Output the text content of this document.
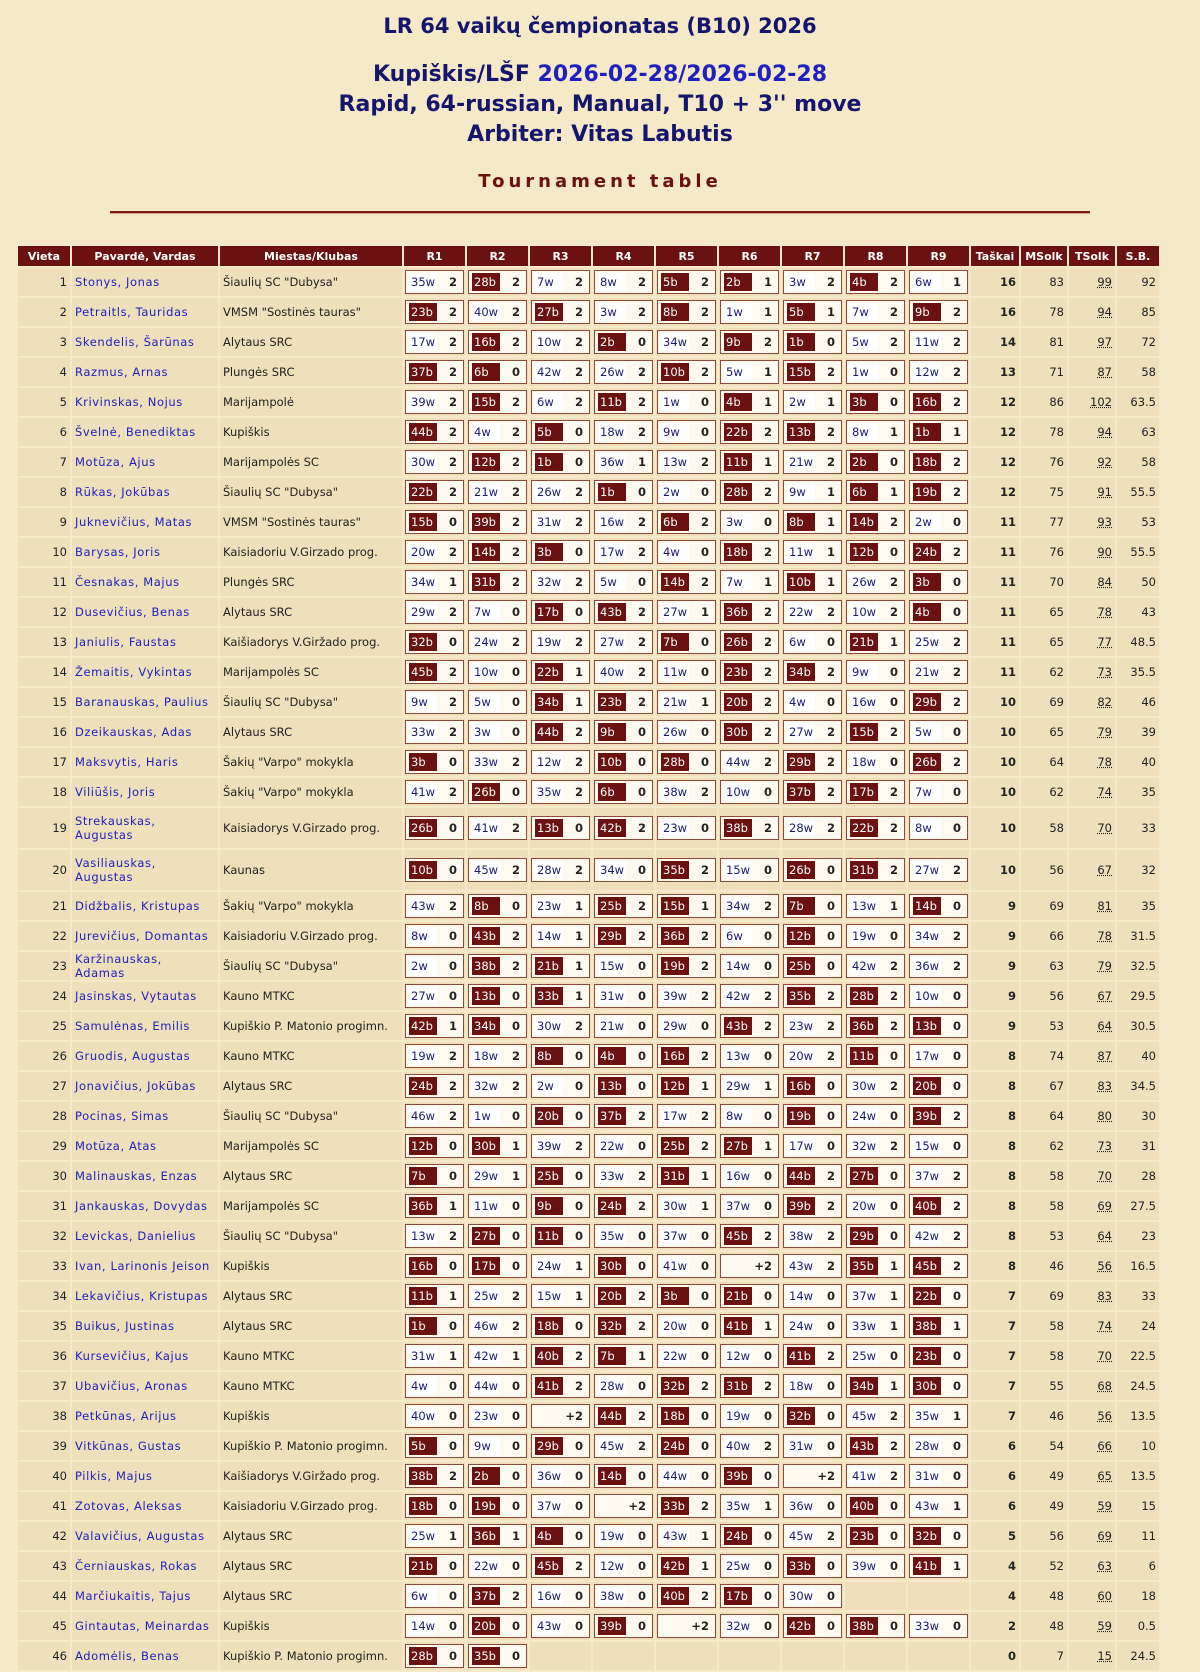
LR 64 vaikų čempionatas (B10) 2026
Kupiškis/LŠF 2026-02-28/2026-02-28
Rapid, 64-russian, Manual, T10 + 3'' move
Arbiter: Vitas Labutis
Tournament table
Vieta	Pavardė, Vardas	Miestas/Klubas	R1	R2	R3	R4	R5	R6	R7	R8	R9	Taškai	MSolk	TSolk	S.B.
1	Stonys, Jonas	Šiaulių SC "Dubysa"	35w 2	28b 2	7w 2	8w 2	5b 2	2b 1	3w 2	4b 2	6w 1	16	83	99	92
2	Petraitls, Tauridas	VMSM "Sostinės tauras"	23b 2	40w 2	27b 2	3w 2	8b 2	1w 1	5b 1	7w 2	9b 2	16	78	94	85
3	Skendelis, Šarūnas	Alytaus SRC	17w 2	16b 2	10w 2	2b 0	34w 2	9b 2	1b 0	5w 2	11w 2	14	81	97	72
4	Razmus, Arnas	Plungės SRC	37b 2	6b 0	42w 2	26w 2	10b 2	5w 1	15b 2	1w 0	12w 2	13	71	87	58
5	Krivinskas, Nojus	Marijampolė	39w 2	15b 2	6w 2	11b 2	1w 0	4b 1	2w 1	3b 0	16b 2	12	86	102	63.5
6	Švelnė, Benediktas	Kupiškis	44b 2	4w 2	5b 0	18w 2	9w 0	22b 2	13b 2	8w 1	1b 1	12	78	94	63
7	Motūza, Ajus	Marijampolės SC	30w 2	12b 2	1b 0	36w 1	13w 2	11b 1	21w 2	2b 0	18b 2	12	76	92	58
8	Rūkas, Jokūbas	Šiaulių SC "Dubysa"	22b 2	21w 2	26w 2	1b 0	2w 0	28b 2	9w 1	6b 1	19b 2	12	75	91	55.5
9	Juknevičius, Matas	VMSM "Sostinės tauras"	15b 0	39b 2	31w 2	16w 2	6b 2	3w 0	8b 1	14b 2	2w 0	11	77	93	53
10	Barysas, Joris	Kaisiadoriu V.Girzado prog.	20w 2	14b 2	3b 0	17w 2	4w 0	18b 2	11w 1	12b 0	24b 2	11	76	90	55.5
11	Česnakas, Majus	Plungės SRC	34w 1	31b 2	32w 2	5w 0	14b 2	7w 1	10b 1	26w 2	3b 0	11	70	84	50
12	Dusevičius, Benas	Alytaus SRC	29w 2	7w 0	17b 0	43b 2	27w 1	36b 2	22w 2	10w 2	4b 0	11	65	78	43
13	Janiulis, Faustas	Kaišiadorys V.Giržado prog.	32b 0	24w 2	19w 2	27w 2	7b 0	26b 2	6w 0	21b 1	25w 2	11	65	77	48.5
14	Žemaitis, Vykintas	Marijampolės SC	45b 2	10w 0	22b 1	40w 2	11w 0	23b 2	34b 2	9w 0	21w 2	11	62	73	35.5
15	Baranauskas, Paulius	Šiaulių SC "Dubysa"	9w 2	5w 0	34b 1	23b 2	21w 1	20b 2	4w 0	16w 0	29b 2	10	69	82	46
16	Dzeikauskas, Adas	Alytaus SRC	33w 2	3w 0	44b 2	9b 0	26w 0	30b 2	27w 2	15b 2	5w 0	10	65	79	39
17	Maksvytis, Haris	Šakių "Varpo" mokykla	3b 0	33w 2	12w 2	10b 0	28b 0	44w 2	29b 2	18w 0	26b 2	10	64	78	40
18	Viliūšis, Joris	Šakių "Varpo" mokykla	41w 2	26b 0	35w 2	6b 0	38w 2	10w 0	37b 2	17b 2	7w 0	10	62	74	35
19	Strekauskas, Augustas	Kaisiadorys V.Girzado prog.	26b 0	41w 2	13b 0	42b 2	23w 0	38b 2	28w 2	22b 2	8w 0	10	58	70	33
20	Vasiliauskas, Augustas	Kaunas	10b 0	45w 2	28w 2	34w 0	35b 2	15w 0	26b 0	31b 2	27w 2	10	56	67	32
21	Didžbalis, Kristupas	Šakių "Varpo" mokykla	43w 2	8b 0	23w 1	25b 2	15b 1	34w 2	7b 0	13w 1	14b 0	9	69	81	35
22	Jurevičius, Domantas	Kaisiadoriu V.Girzado prog.	8w 0	43b 2	14w 1	29b 2	36b 2	6w 0	12b 0	19w 0	34w 2	9	66	78	31.5
23	Karžinauskas, Adamas	Šiaulių SC "Dubysa"	2w 0	38b 2	21b 1	15w 0	19b 2	14w 0	25b 0	42w 2	36w 2	9	63	79	32.5
24	Jasinskas, Vytautas	Kauno MTKC	27w 0	13b 0	33b 1	31w 0	39w 2	42w 2	35b 2	28b 2	10w 0	9	56	67	29.5
25	Samulėnas, Emilis	Kupiškio P. Matonio progimn.	42b 1	34b 0	30w 2	21w 0	29w 0	43b 2	23w 2	36b 2	13b 0	9	53	64	30.5
26	Gruodis, Augustas	Kauno MTKC	19w 2	18w 2	8b 0	4b 0	16b 2	13w 0	20w 2	11b 0	17w 0	8	74	87	40
27	Jonavičius, Jokūbas	Alytaus SRC	24b 2	32w 2	2w 0	13b 0	12b 1	29w 1	16b 0	30w 2	20b 0	8	67	83	34.5
28	Pocinas, Simas	Šiaulių SC "Dubysa"	46w 2	1w 0	20b 0	37b 2	17w 2	8w 0	19b 0	24w 0	39b 2	8	64	80	30
29	Motūza, Atas	Marijampolės SC	12b 0	30b 1	39w 2	22w 0	25b 2	27b 1	17w 0	32w 2	15w 0	8	62	73	31
30	Malinauskas, Enzas	Alytaus SRC	7b 0	29w 1	25b 0	33w 2	31b 1	16w 0	44b 2	27b 0	37w 2	8	58	70	28
31	Jankauskas, Dovydas	Marijampolės SC	36b 1	11w 0	9b 0	24b 2	30w 1	37w 0	39b 2	20w 0	40b 2	8	58	69	27.5
32	Levickas, Danielius	Šiaulių SC "Dubysa"	13w 2	27b 0	11b 0	35w 0	37w 0	45b 2	38w 2	29b 0	42w 2	8	53	64	23
33	Ivan, Larinonis Jeison	Kupiškis	16b 0	17b 0	24w 1	30b 0	41w 0	+2	43w 2	35b 1	45b 2	8	46	56	16.5
34	Lekavičius, Kristupas	Alytaus SRC	11b 1	25w 2	15w 1	20b 2	3b 0	21b 0	14w 0	37w 1	22b 0	7	69	83	33
35	Buikus, Justinas	Alytaus SRC	1b 0	46w 2	18b 0	32b 2	20w 0	41b 1	24w 0	33w 1	38b 1	7	58	74	24
36	Kursevičius, Kajus	Kauno MTKC	31w 1	42w 1	40b 2	7b 1	22w 0	12w 0	41b 2	25w 0	23b 0	7	58	70	22.5
37	Ubavičius, Aronas	Kauno MTKC	4w 0	44w 0	41b 2	28w 0	32b 2	31b 2	18w 0	34b 1	30b 0	7	55	68	24.5
38	Petkūnas, Arijus	Kupiškis	40w 0	23w 0	+2	44b 2	18b 0	19w 0	32b 0	45w 2	35w 1	7	46	56	13.5
39	Vitkūnas, Gustas	Kupiškio P. Matonio progimn.	5b 0	9w 0	29b 0	45w 2	24b 0	40w 2	31w 0	43b 2	28w 0	6	54	66	10
40	Pilkis, Majus	Kaišiadorys V.Giržado prog.	38b 2	2b 0	36w 0	14b 0	44w 0	39b 0	+2	41w 2	31w 0	6	49	65	13.5
41	Zotovas, Aleksas	Kaisiadoriu V.Girzado prog.	18b 0	19b 0	37w 0	+2	33b 2	35w 1	36w 0	40b 0	43w 1	6	49	59	15
42	Valavičius, Augustas	Alytaus SRC	25w 1	36b 1	4b 0	19w 0	43w 1	24b 0	45w 2	23b 0	32b 0	5	56	69	11
43	Černiauskas, Rokas	Alytaus SRC	21b 0	22w 0	45b 2	12w 0	42b 1	25w 0	33b 0	39w 0	41b 1	4	52	63	6
44	Marčiukaitis, Tajus	Alytaus SRC	6w 0	37b 2	16w 0	38w 0	40b 2	17b 0	30w 0			4	48	60	18
45	Gintautas, Meinardas	Kupiškis	14w 0	20b 0	43w 0	39b 0	+2	32w 0	42b 0	38b 0	33w 0	2	48	59	0.5
46	Adomėlis, Benas	Kupiškio P. Matonio progimn.	28b 0	35b 0								0	7	15	24.5
